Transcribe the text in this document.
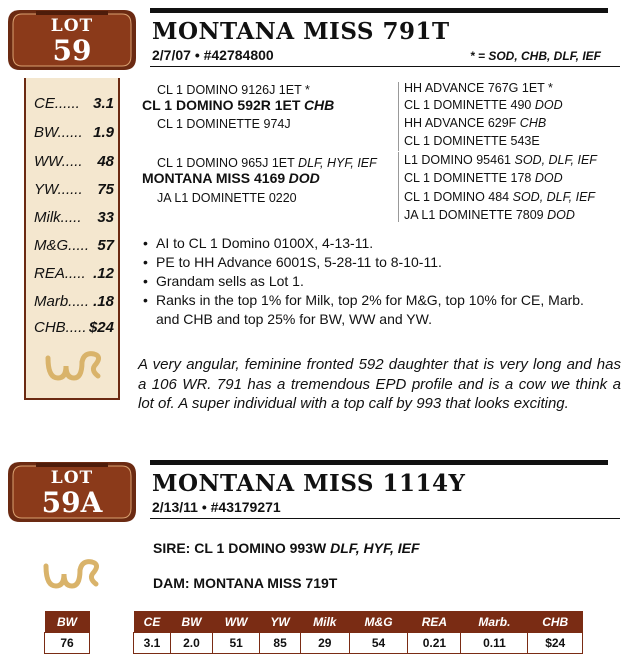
LOT
59
CE...... 3.1
BW...... 1.9
WW..... 48
YW...... 75
Milk..... 33
M&G..... 57
REA..... .12
Marb..... .18
CHB..... $24
MONTANA MISS 791T
2/7/07 • #42784800	* = SOD, CHB, DLF, IEF
CL 1 DOMINO 9126J 1ET *
CL 1 DOMINO 592R 1ET CHB
CL 1 DOMINETTE 974J
CL 1 DOMINO 965J 1ET DLF, HYF, IEF
MONTANA MISS 4169 DOD
JA L1 DOMINETTE 0220
HH ADVANCE 767G 1ET *
CL 1 DOMINETTE 490 DOD
HH ADVANCE 629F CHB
CL 1 DOMINETTE 543E
L1 DOMINO 95461 SOD, DLF, IEF
CL 1 DOMINETTE 178 DOD
CL 1 DOMINO 484 SOD, DLF, IEF
JA L1 DOMINETTE 7809 DOD
• AI to CL 1 Domino 0100X, 4-13-11.
• PE to HH Advance 6001S, 5-28-11 to 8-10-11.
• Grandam sells as Lot 1.
• Ranks in the top 1% for Milk, top 2% for M&G, top 10% for CE, Marb. and CHB and top 25% for BW, WW and YW.
A very angular, feminine fronted 592 daughter that is very long and has a 106 WR. 791 has a tremendous EPD profile and is a cow we think a lot of. A super individual with a top calf by 993 that looks exciting.
LOT
59A
MONTANA MISS 1114Y
2/13/11 • #43179271
SIRE: CL 1 DOMINO 993W DLF, HYF, IEF
DAM: MONTANA MISS 719T
BW
76
CE	BW	WW	YW	Milk	M&G	REA	Marb.	CHB
3.1	2.0	51	85	29	54	0.21	0.11	$24
